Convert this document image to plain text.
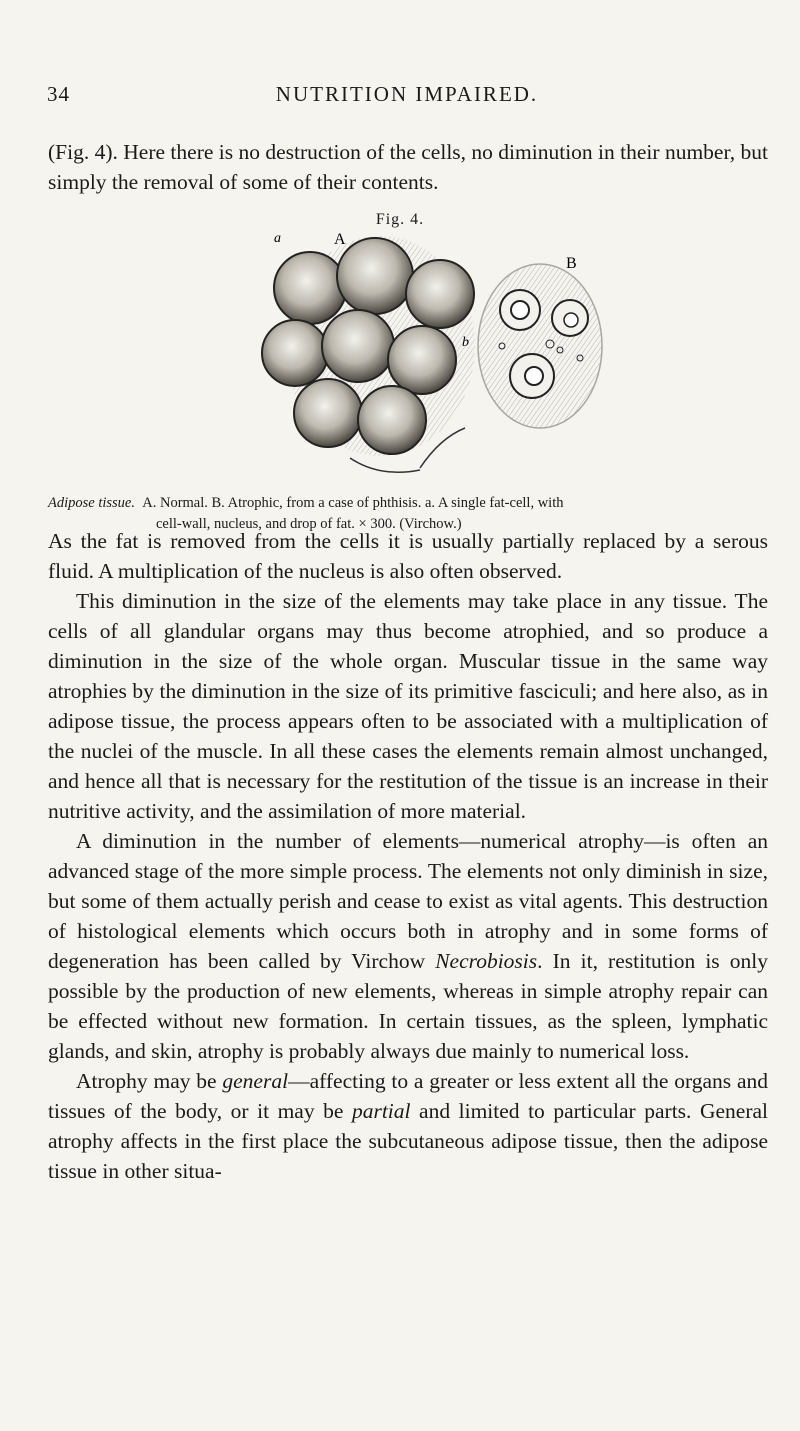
34	NUTRITION IMPAIRED.

(Fig. 4). Here there is no destruction of the cells, no diminution in their number, but simply the removal of some of their contents.

Fig. 4.
a	A
B
b
Adipose tissue. A. Normal. B. Atrophic, from a case of phthisis. a. A single fat-cell, with
cell-wall, nucleus, and drop of fat. × 300. (Virchow.)

As the fat is removed from the cells it is usually partially replaced by a serous fluid. A multiplication of the nucleus is also often observed.

This diminution in the size of the elements may take place in any tissue. The cells of all glandular organs may thus become atrophied, and so produce a diminution in the size of the whole organ. Muscular tissue in the same way atrophies by the diminution in the size of its primitive fasciculi; and here also, as in adipose tissue, the process appears often to be associated with a multiplication of the nuclei of the muscle. In all these cases the elements remain almost unchanged, and hence all that is necessary for the restitution of the tissue is an increase in their nutritive activity, and the assimilation of more material.

A diminution in the number of elements—numerical atrophy—is often an advanced stage of the more simple process. The elements not only diminish in size, but some of them actually perish and cease to exist as vital agents. This destruction of histological elements which occurs both in atrophy and in some forms of degeneration has been called by Virchow Necrobiosis. In it, restitution is only possible by the production of new elements, whereas in simple atrophy repair can be effected without new formation. In certain tissues, as the spleen, lymphatic glands, and skin, atrophy is probably always due mainly to numerical loss.

Atrophy may be general—affecting to a greater or less extent all the organs and tissues of the body, or it may be partial and limited to particular parts. General atrophy affects in the first place the subcutaneous adipose tissue, then the adipose tissue in other situa-
